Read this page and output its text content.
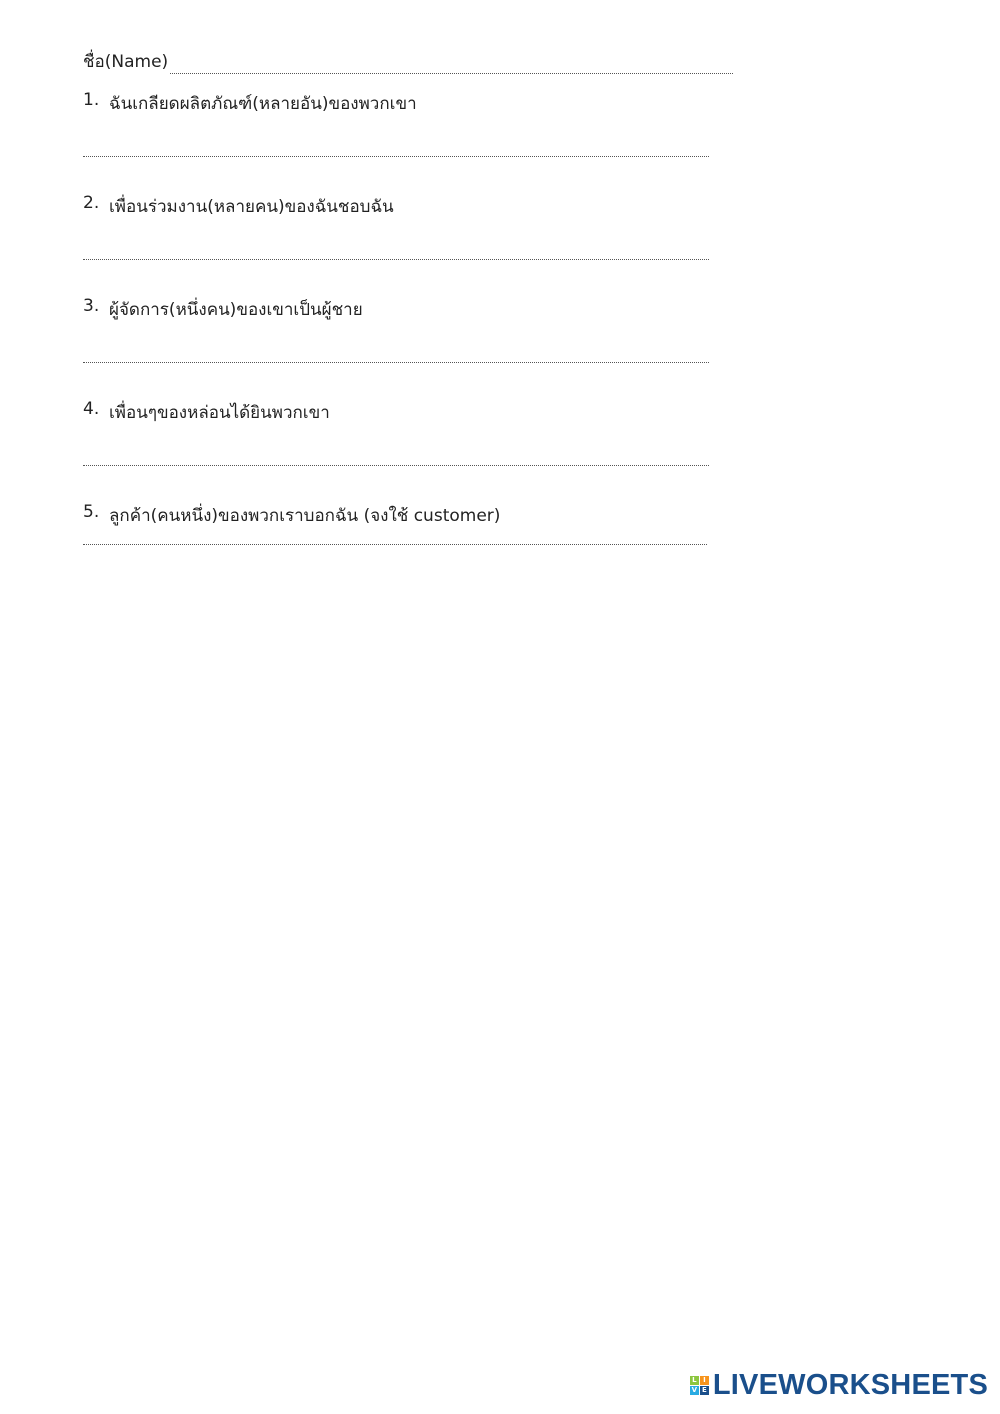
ชื่อ(Name)
1. ฉันเกลียดผลิตภัณฑ์(หลายอัน)ของพวกเขา
2. เพื่อนร่วมงาน(หลายคน)ของฉันชอบฉัน
3. ผู้จัดการ(หนึ่งคน)ของเขาเป็นผู้ชาย
4. เพื่อนๆของหล่อนได้ยินพวกเขา
5. ลูกค้า(คนหนึ่ง)ของพวกเราบอกฉัน (จงใช้ customer)
L I
V E LIVEWORKSHEETS
